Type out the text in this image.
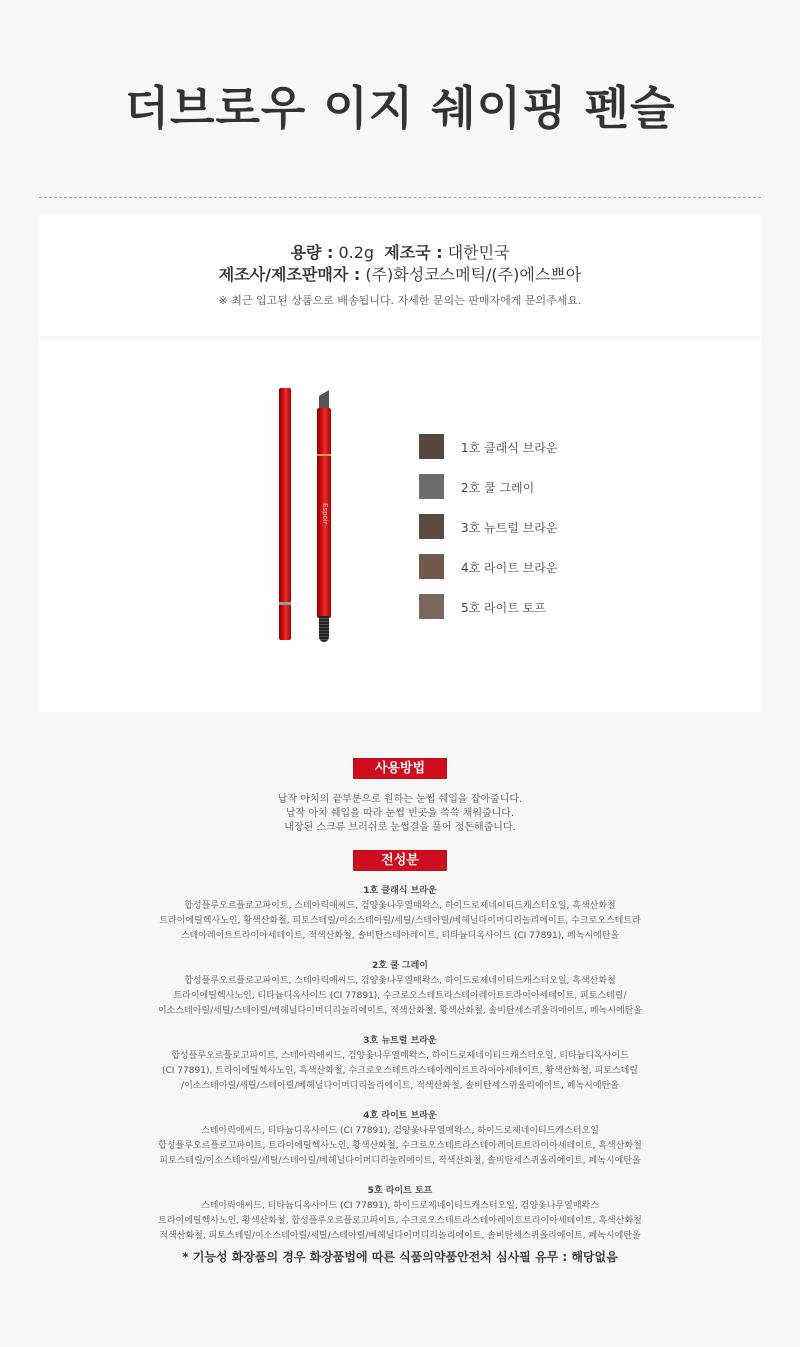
더브로우 이지 쉐이핑 펜슬
용량 : 0.2g 제조국 : 대한민국
제조사/제조판매자 : (주)화성코스메틱/(주)에스쁘아
※ 최근 입고된 상품으로 배송됩니다. 자세한 문의는 판매자에게 문의주세요.
Espoir
1호 클래식 브라운
2호 쿨 그레이
3호 뉴트럴 브라운
4호 라이트 브라운
5호 라이트 토프
사용방법
납작 아치의 끝부분으로 원하는 눈썹 쉐입을 잡아줍니다.
납작 아치 쉐입을 따라 눈썹 빈곳을 쓱쓱 채워줍니다.
내장된 스크류 브러쉬로 눈썹결을 풀어 정돈해줍니다.
전성분
1호 클래식 브라운
합성플루오르플로고파이트, 스테아릭애씨드, 검양옻나무열매왁스, 하이드로제네이티드캐스터오일, 흑색산화철
트라이에틸헥사노인, 황색산화철, 피토스테릴/이소스테아릴/세틸/스테아릴/베헤닐다이머디리놀리에이트, 수크로오스테트라
스테아레이트트라이아세테이트, 적색산화철, 솔비탄스테아레이트, 티타늄디옥사이드 (CI 77891), 페녹시에탄올
2호 쿨 그레이
합성플루오르플로고파이트, 스테아릭애씨드, 검양옻나무열매왁스, 하이드로제네이티드캐스터오일, 흑색산화철
트라이에틸헥사노인, 티타늄디옥사이드 (CI 77891), 수크로오스테트라스테아레이트트라이아세테이트, 피토스테릴/
이소스테아릴/세틸/스테아릴/베헤닐다이머디리놀리에이트, 적색산화철, 황색산화철, 솔비탄세스퀴올리에이트, 페녹시에탄올
3호 뉴트럴 브라운
합성플루오르플로고파이트, 스테아릭애씨드, 검양옻나무열매왁스, 하이드로제네이티드캐스터오일, 티타늄디옥사이드
(CI 77891), 트라이에틸헥사노인, 흑색산화철, 수크로오스테트라스테아레이트트라이아세테이트, 황색산화철, 피토스테릴
/이소스테아릴/세틸/스테아릴/베헤닐다이머디리놀리에이트, 적색산화철, 솔비탄세스퀴올리에이트, 페녹시에탄올
4호 라이트 브라운
스테아릭애씨드, 티타늄디옥사이드 (CI 77891), 검양옻나무열매왁스, 하이드로제네이티드캐스터오일
합성플루오르플로고파이트, 트라이에틸헥사노인, 황색산화철, 수크로오스테트라스테아레이트트라이아세테이트, 흑색산화철
피토스테릴/이소스테아릴/세틸/스테아릴/베헤닐다이머디리놀리에이트, 적색산화철, 솔비탄세스퀴올리에이트, 페녹시에탄올
5호 라이트 토프
스테아릭애씨드, 티타늄디옥사이드 (CI 77891), 하이드로제네이티드캐스터오일, 검양옻나무열매왁스
트라이에틸헥사노인, 황색산화철, 합성플루오르플로고파이트, 수크로오스테트라스테아레이트트라이아세테이트, 흑색산화철
적색산화철, 피토스테릴/이소스테아릴/세틸/스테아릴/베헤닐다이머디리놀리에이트, 솔비탄세스퀴올리에이트, 페녹시에탄올
* 기능성 화장품의 경우 화장품법에 따른 식품의약품안전처 심사필 유무 : 해당없음
